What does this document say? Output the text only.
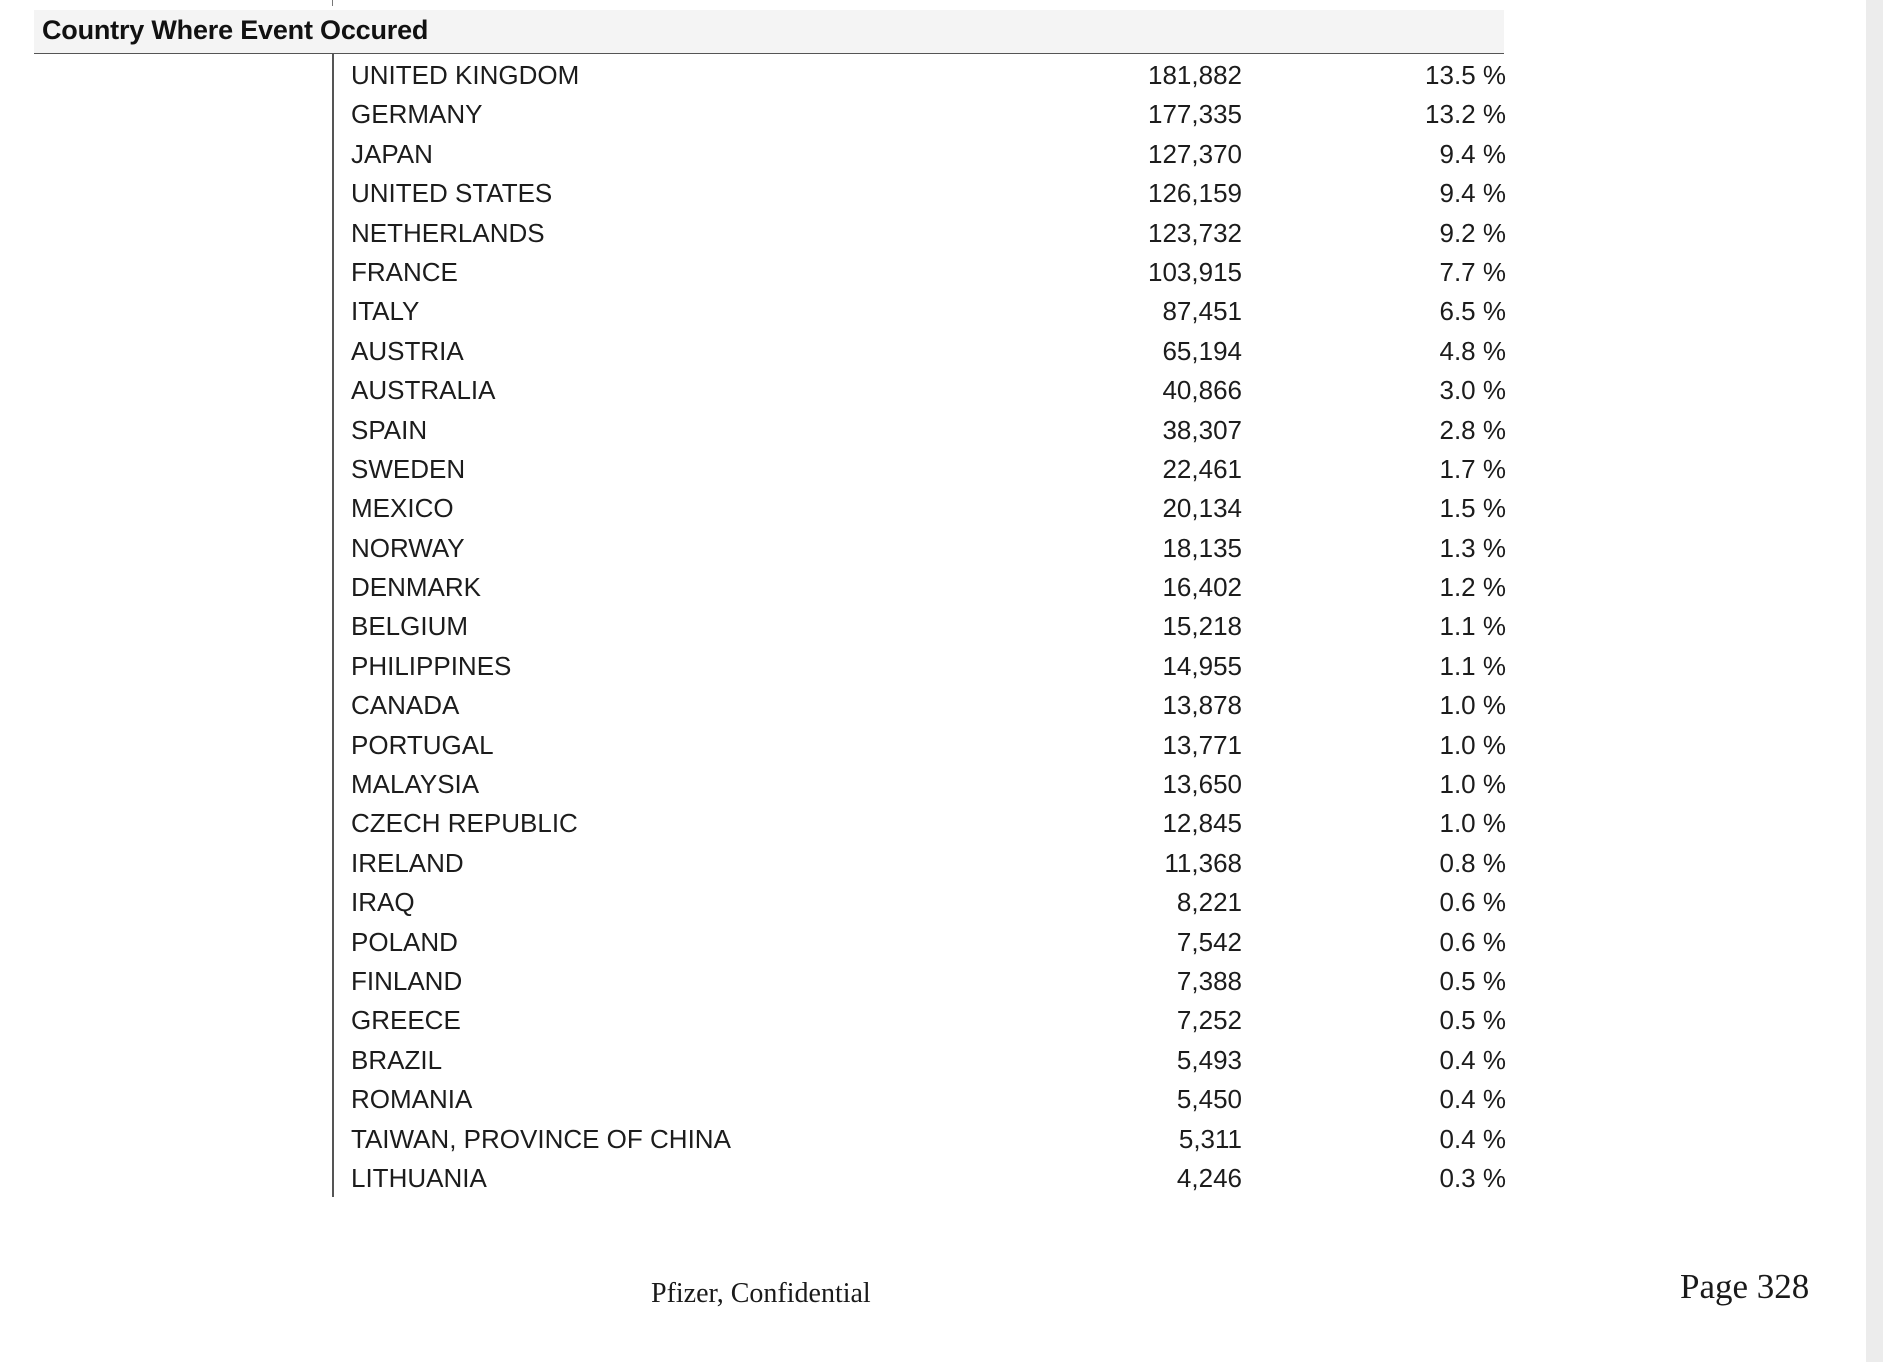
Country Where Event Occured
UNITED KINGDOM	181,882	13.5 %
GERMANY	177,335	13.2 %
JAPAN	127,370	9.4 %
UNITED STATES	126,159	9.4 %
NETHERLANDS	123,732	9.2 %
FRANCE	103,915	7.7 %
ITALY	87,451	6.5 %
AUSTRIA	65,194	4.8 %
AUSTRALIA	40,866	3.0 %
SPAIN	38,307	2.8 %
SWEDEN	22,461	1.7 %
MEXICO	20,134	1.5 %
NORWAY	18,135	1.3 %
DENMARK	16,402	1.2 %
BELGIUM	15,218	1.1 %
PHILIPPINES	14,955	1.1 %
CANADA	13,878	1.0 %
PORTUGAL	13,771	1.0 %
MALAYSIA	13,650	1.0 %
CZECH REPUBLIC	12,845	1.0 %
IRELAND	11,368	0.8 %
IRAQ	8,221	0.6 %
POLAND	7,542	0.6 %
FINLAND	7,388	0.5 %
GREECE	7,252	0.5 %
BRAZIL	5,493	0.4 %
ROMANIA	5,450	0.4 %
TAIWAN, PROVINCE OF CHINA	5,311	0.4 %
LITHUANIA	4,246	0.3 %
Pfizer, Confidential	Page 328
